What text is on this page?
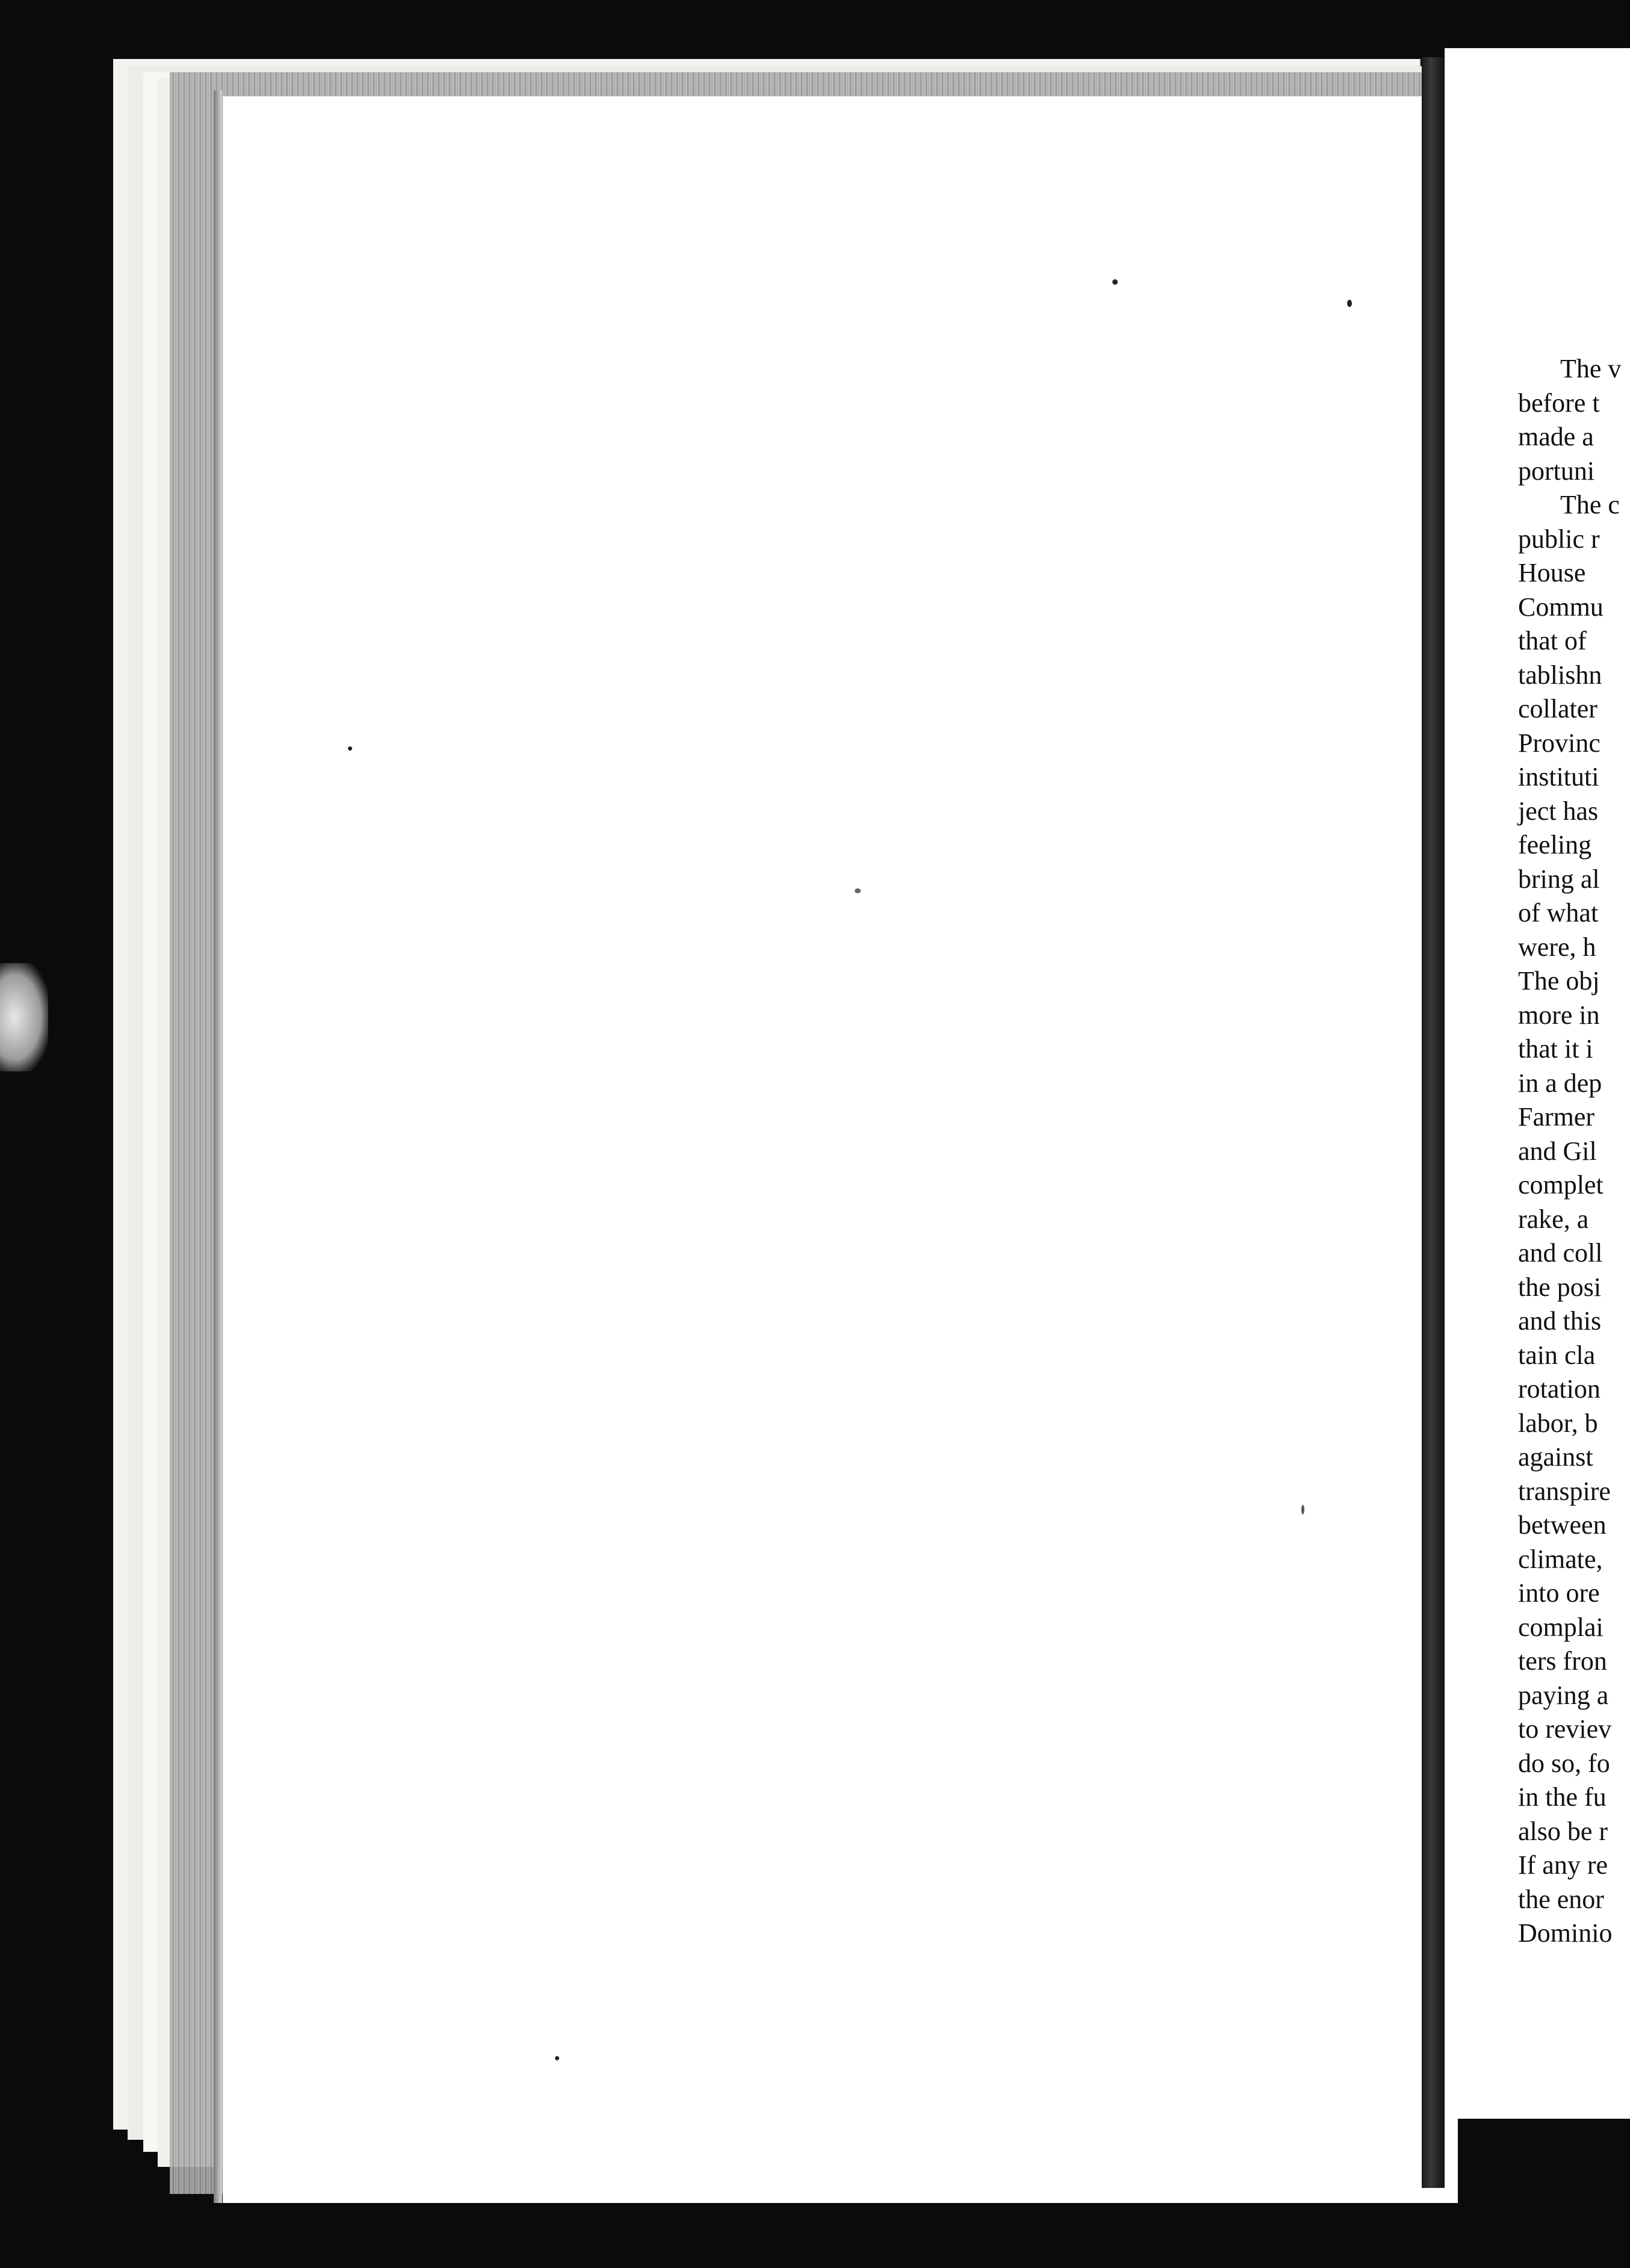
The v
before t
made a
portuni
The c
public r
House
Commu
that of
tablishn
collater
Provinc
instituti
ject has
feeling
bring al
of what
were, h
The obj
more in
that it i
in a dep
Farmer
and Gil
complet
rake, a
and coll
the posi
and this
tain cla
rotation
labor, b
against
transpire
between
climate,
into ore
complai
ters fron
paying a
to reviev
do so, fo
in the fu
also be r
If any re
the enor
Dominio
